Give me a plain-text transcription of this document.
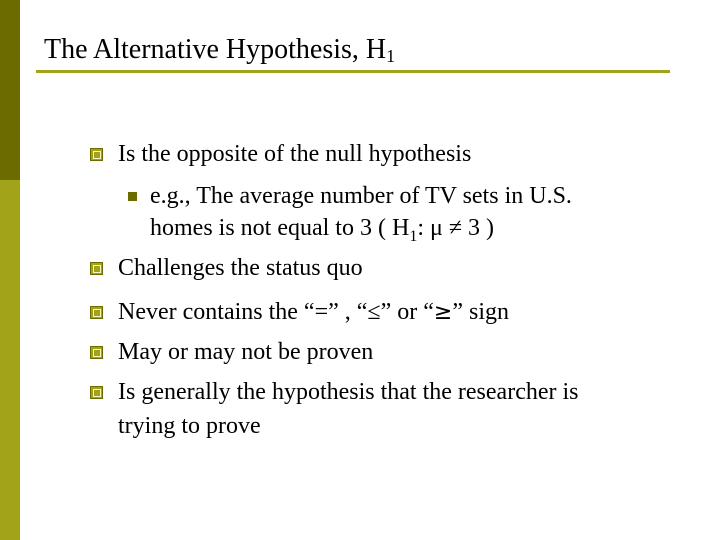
The Alternative Hypothesis, $H_1$
Is the opposite of the null hypothesis
e.g., The average number of TV sets in U.S.
homes is not equal to 3 ( $H_1$: μ ≠ 3 )
Challenges the status quo
Never contains the “=” , “≤” or “≥” sign
May or may not be proven
Is generally the hypothesis that the researcher is
trying to prove
